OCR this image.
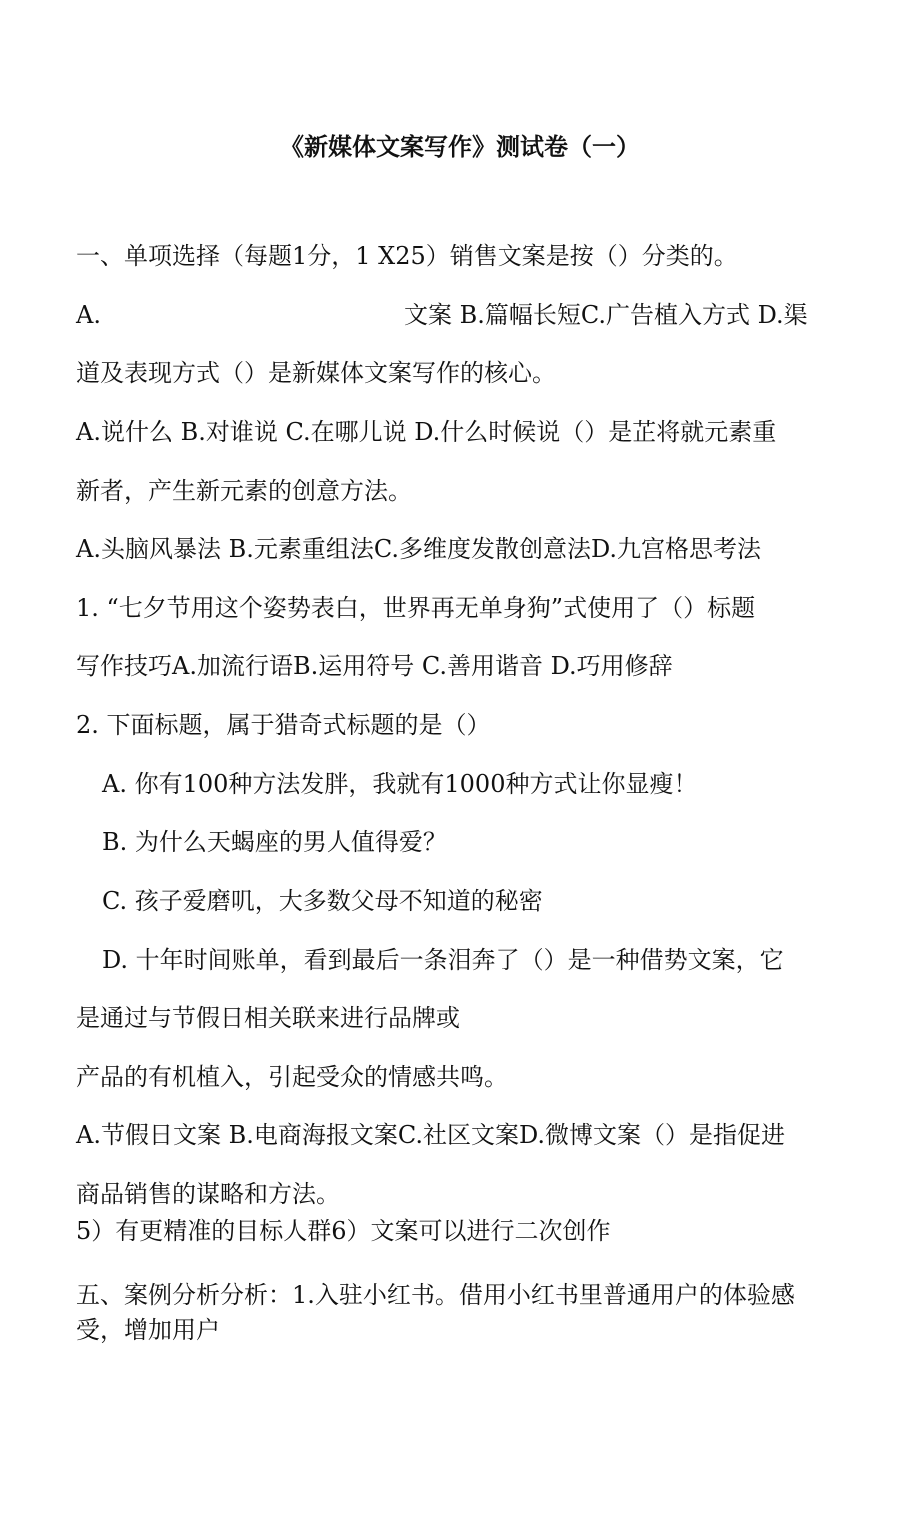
《新媒体文案写作》测试卷（一）

一、单项选择（每题1分，1 X25）销售文案是按（）分类的。

A.	文案 B.篇幅长短C.广告植入方式 D.渠

道及表现方式（）是新媒体文案写作的核心。

A.说什么 B.对谁说 C.在哪儿说 D.什么时候说（）是芷将就元素重

新者，产生新元素的创意方法。

A.头脑风暴法 B.元素重组法C.多维度发散创意法D.九宫格思考法

1. “七夕节用这个姿势表白，世界再无单身狗”式使用了（）标题

写作技巧A.加流行语B.运用符号 C.善用谐音 D.巧用修辞

2. 下面标题，属于猎奇式标题的是（）

A. 你有100种方法发胖，我就有1000种方式让你显瘦！

B. 为什么天蝎座的男人值得爱？

C. 孩子爱磨叽，大多数父母不知道的秘密

D. 十年时间账单，看到最后一条泪奔了（）是一种借势文案，它

是通过与节假日相关联来进行品牌或

产品的有机植入，引起受众的情感共鸣。

A.节假日文案 B.电商海报文案C.社区文案D.微博文案（）是指促进

商品销售的谋略和方法。

5）有更精准的目标人群6）文案可以进行二次创作

五、案例分析分析：1.入驻小红书。借用小红书里普通用户的体验感

受，增加用户
